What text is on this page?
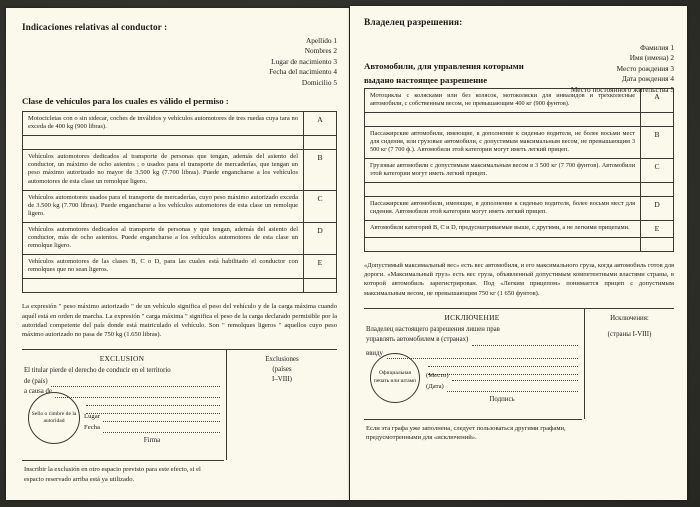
Indicaciones relativas al conductor :
Apellido 1
Nombres 2
Lugar de nacimiento 3
Fecha del nacimiento 4
Domicilio 5
Clase de vehículos para los cuales es válido el permiso :
Motocicletas con o sin sidecar, coches de inválidos y vehículos automotores de tres ruedas cuya tara no exceda de 400 kg (900 libras).	A

Vehículos automotores dedicados al transporte de personas que tengan, además del asiento del conductor, un máximo de ocho asientos ; o usados para el transporte de mercaderías, que tengan un peso máximo autorizado no mayor de 3.500 kg (7.700 libras). Puede engancharse a los vehículos automotores de esta clase un remolque ligero.	B
Vehículos automotores usados para el transporte de mercaderías, cuyo peso máximo autorizado exceda de 3.500 kg (7.700 libras). Puede engancharse a los vehículos automotores de esta clase un remolque ligero.	C
Vehículos automotores dedicados al transporte de personas y que tengan, además del asiento del conductor, más de ocho asientos. Puede engancharse a los vehículos automotores de esta clase un remolque ligero.	D
Vehículos automotores de las clases B, C o D, para las cuales está habilitado el conductor con remolques que no sean ligeros.	E

La expresión " peso máximo autorizado " de un vehículo significa el peso del vehículo y de la carga máxima cuando aquél está en orden de marcha. La expresión " carga máxima " significa el peso de la carga declarado permisible por la autoridad competente del país donde está matriculado el vehículo. Son " remolques ligeros " aquellos cuyo peso máximo autorizado no pasa de 750 kg (1.650 libras).
EXCLUSION
El titular pierde el derecho de conducir en el territorio
de (país)
a causa de
Sello o cimbre de la autoridad
Lugar
Fecha
Firma
Exclusiones
(países
I–VIII)
Inscribir la exclusión en otro espacio previsto para este efecto, si el espacio reservado arriba está ya utilizado.
Владелец разрешения:
Фамилия 1
Имя (имена) 2
Место рождения 3
Дата рождения 4
Место постоянного жительства 5
Автомобили, для управления которыми выдано настоящее разрешение
Мотоциклы с колясками или без колясок, мотоколяски для инвалидов и трехколесные автомобили, с собственным весом, не превышающим 400 кг (900 фунтов).	A

Пассажирские автомобили, имеющие, в дополнение к сиденью водителя, не более восьми мест для сидения, или грузовые автомобили, с допустимым максимальным весом, не превышающим 3 500 кг (7 700 ф.). Автомобили этой категории могут иметь легкий прицеп.	B
Грузовые автомобили с допустимым максимальным весом в 3 500 кг (7 700 фунтов). Автомобили этой категории могут иметь легкий прицеп.	C

Пассажирские автомобили, имеющие, в дополнение к сиденью водителя, более восьми мест для сидения. Автомобили этой категории могут иметь легкий прицеп.	D
Автомобили категорий B, C и D, предусматриваемые выше, с другими, а не легкими прицепами.	E

«Допустимый максимальный вес» есть вес автомобиля, и его максимального груза, когда автомобиль готов для дороги. «Максимальный груз» есть вес груза, объявленный допустимым компетентными властями страны, в которой автомобиль зарегистрирован. Под «Легким прицепом» понимается прицеп с допустимым максимальным весом, не превышающим 750 кг (1 650 фунтов).
ИСКЛЮЧЕНИЕ
Владелец настоящего разрешения лишен прав
управлять автомобилем в (странах)
ввиду
Официальная печать или штамп
(Место)
(Дата)
Подпись
Исключения:
(страны I-VIII)
Если эта графа уже заполнена, следует пользоваться другими графами, предусмотренными для «исключений».
